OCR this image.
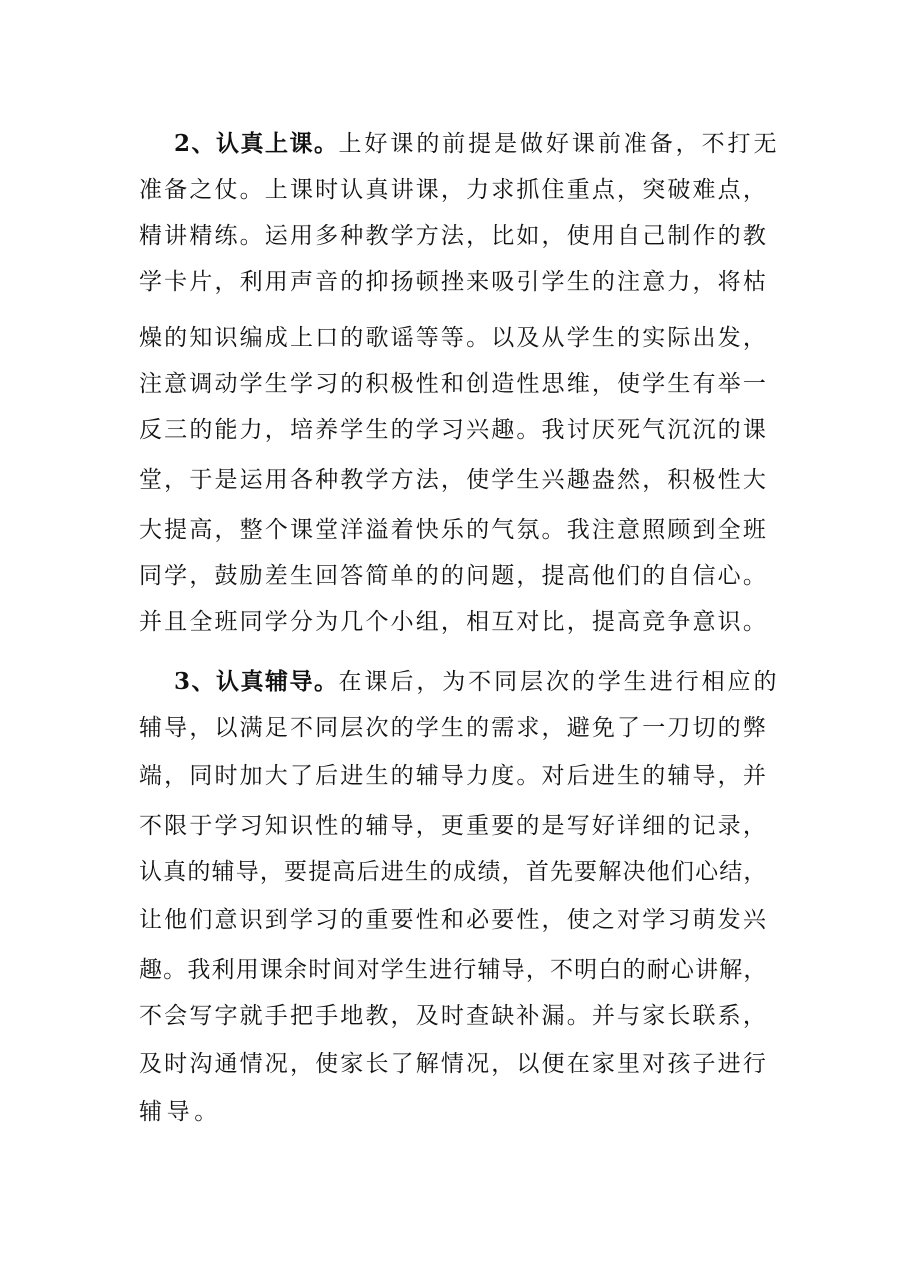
2、认真上课。上好课的前提是做好课前准备，不打无
准备之仗。上课时认真讲课，力求抓住重点，突破难点，
精讲精练。运用多种教学方法，比如，使用自己制作的教
学卡片，利用声音的抑扬顿挫来吸引学生的注意力，将枯
燥的知识编成上口的歌谣等等。以及从学生的实际出发，
注意调动学生学习的积极性和创造性思维，使学生有举一
反三的能力，培养学生的学习兴趣。我讨厌死气沉沉的课
堂，于是运用各种教学方法，使学生兴趣盎然，积极性大
大提高，整个课堂洋溢着快乐的气氛。我注意照顾到全班
同学，鼓励差生回答简单的的问题，提高他们的自信心。
并且全班同学分为几个小组，相互对比，提高竞争意识。
3、认真辅导。在课后，为不同层次的学生进行相应的
辅导，以满足不同层次的学生的需求，避免了一刀切的弊
端，同时加大了后进生的辅导力度。对后进生的辅导，并
不限于学习知识性的辅导，更重要的是写好详细的记录，
认真的辅导，要提高后进生的成绩，首先要解决他们心结，
让他们意识到学习的重要性和必要性，使之对学习萌发兴
趣。我利用课余时间对学生进行辅导，不明白的耐心讲解，
不会写字就手把手地教，及时查缺补漏。并与家长联系，
及时沟通情况，使家长了解情况，以便在家里对孩子进行
辅导。
